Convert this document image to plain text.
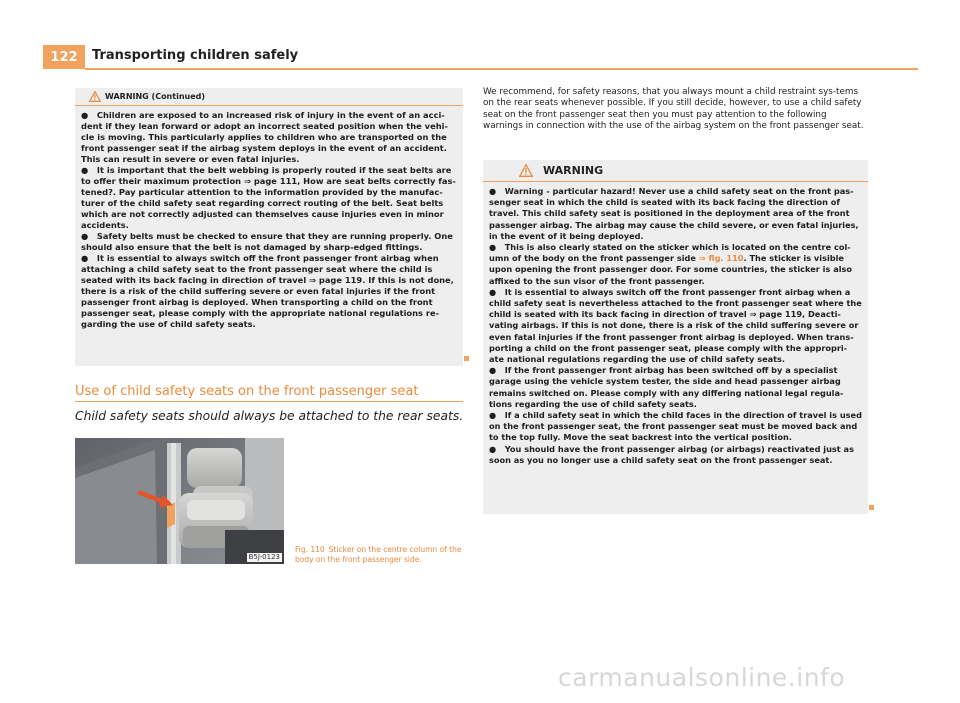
122	Transporting children safely
WARNING (Continued)

● Children are exposed to an increased risk of injury in the event of an acci-dent if they lean forward or adopt an incorrect seated position when the vehi-cle is moving. This particularly applies to children who are transported on the front passenger seat if the airbag system deploys in the event of an accident. This can result in severe or even fatal injuries.

● It is important that the belt webbing is properly routed if the seat belts are to offer their maximum protection ⇒ page 111, How are seat belts correctly fas-tened?. Pay particular attention to the information provided by the manufac-turer of the child safety seat regarding correct routing of the belt. Seat belts which are not correctly adjusted can themselves cause injuries even in minor accidents.

● Safety belts must be checked to ensure that they are running properly. One should also ensure that the belt is not damaged by sharp-edged fittings.

● It is essential to always switch off the front passenger front airbag when attaching a child safety seat to the front passenger seat where the child is seated with its back facing in direction of travel ⇒ page 119. If this is not done, there is a risk of the child suffering severe or even fatal injuries if the front passenger front airbag is deployed. When transporting a child on the front passenger seat, please comply with the appropriate national regulations re-garding the use of child safety seats.

Use of child safety seats on the front passenger seat
Child safety seats should always be attached to the rear seats.
B5J-0123
Fig. 110 Sticker on the centre column of the body on the front passenger side.

We recommend, for safety reasons, that you always mount a child restraint sys-tems on the rear seats whenever possible. If you still decide, however, to use a child safety seat on the front passenger seat then you must pay attention to the following warnings in connection with the use of the airbag system on the front passenger seat.

WARNING

● Warning - particular hazard! Never use a child safety seat on the front pas-senger seat in which the child is seated with its back facing the direction of travel. This child safety seat is positioned in the deployment area of the front passenger airbag. The airbag may cause the child severe, or even fatal injuries, in the event of it being deployed.

● This is also clearly stated on the sticker which is located on the centre col-umn of the body on the front passenger side ⇒ fig. 110. The sticker is visible upon opening the front passenger door. For some countries, the sticker is also affixed to the sun visor of the front passenger.

● It is essential to always switch off the front passenger front airbag when a child safety seat is nevertheless attached to the front passenger seat where the child is seated with its back facing in direction of travel ⇒ page 119, Deacti-vating airbags. If this is not done, there is a risk of the child suffering severe or even fatal injuries if the front passenger front airbag is deployed. When trans-porting a child on the front passenger seat, please comply with the appropri-ate national regulations regarding the use of child safety seats.

● If the front passenger front airbag has been switched off by a specialist garage using the vehicle system tester, the side and head passenger airbag remains switched on. Please comply with any differing national legal regula-tions regarding the use of child safety seats.

● If a child safety seat in which the child faces in the direction of travel is used on the front passenger seat, the front passenger seat must be moved back and to the top fully. Move the seat backrest into the vertical position.

● You should have the front passenger airbag (or airbags) reactivated just as soon as you no longer use a child safety seat on the front passenger seat.

carmanualsonline.info
